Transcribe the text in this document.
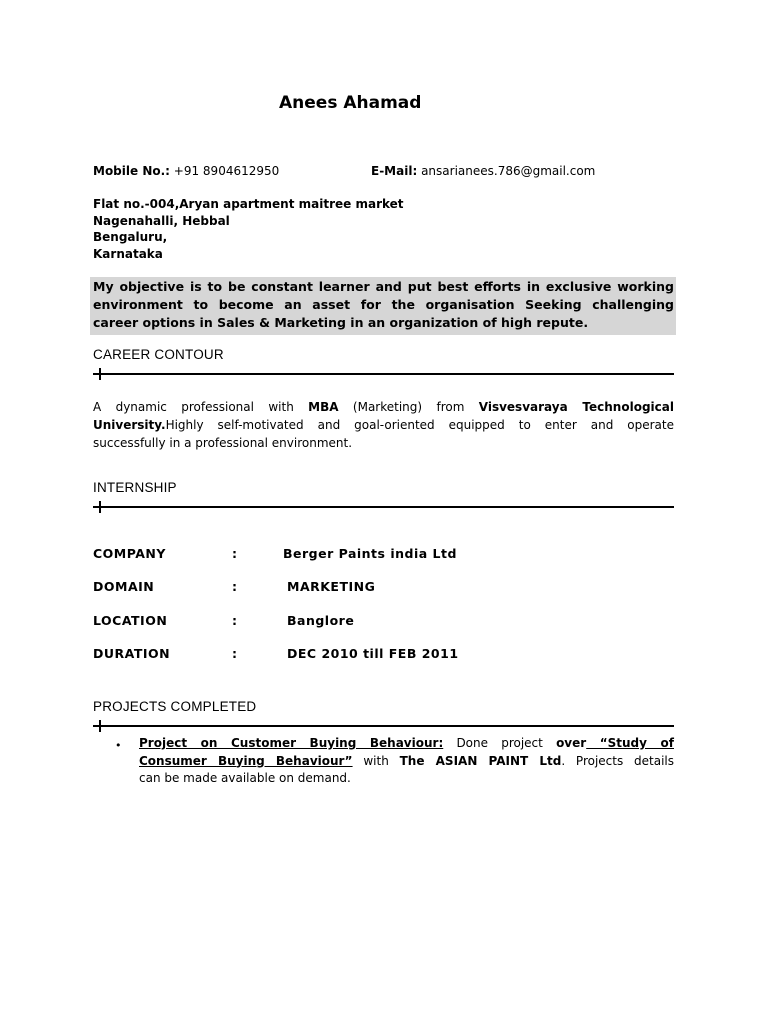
Anees Ahamad
Mobile No.: +91 8904612950	E-Mail: ansarianees.786@gmail.com
Flat no.-004,Aryan apartment maitree market
Nagenahalli, Hebbal
Bengaluru,
Karnataka
My objective is to be constant learner and put best efforts in exclusive working
environment to become an asset for the organisation Seeking challenging
career options in Sales & Marketing in an organization of high repute.
CAREER CONTOUR
A dynamic professional with MBA (Marketing) from Visvesvaraya Technological
University.Highly self-motivated and goal-oriented equipped to enter and operate
successfully in a professional environment.
INTERNSHIP
COMPANY	:	Berger Paints india Ltd
DOMAIN	:	MARKETING
LOCATION	:	Banglore
DURATION	:	DEC 2010 till FEB 2011
PROJECTS COMPLETED
• Project on Customer Buying Behaviour: Done project over “Study of
Consumer Buying Behaviour” with The ASIAN PAINT Ltd. Projects details
can be made available on demand.
